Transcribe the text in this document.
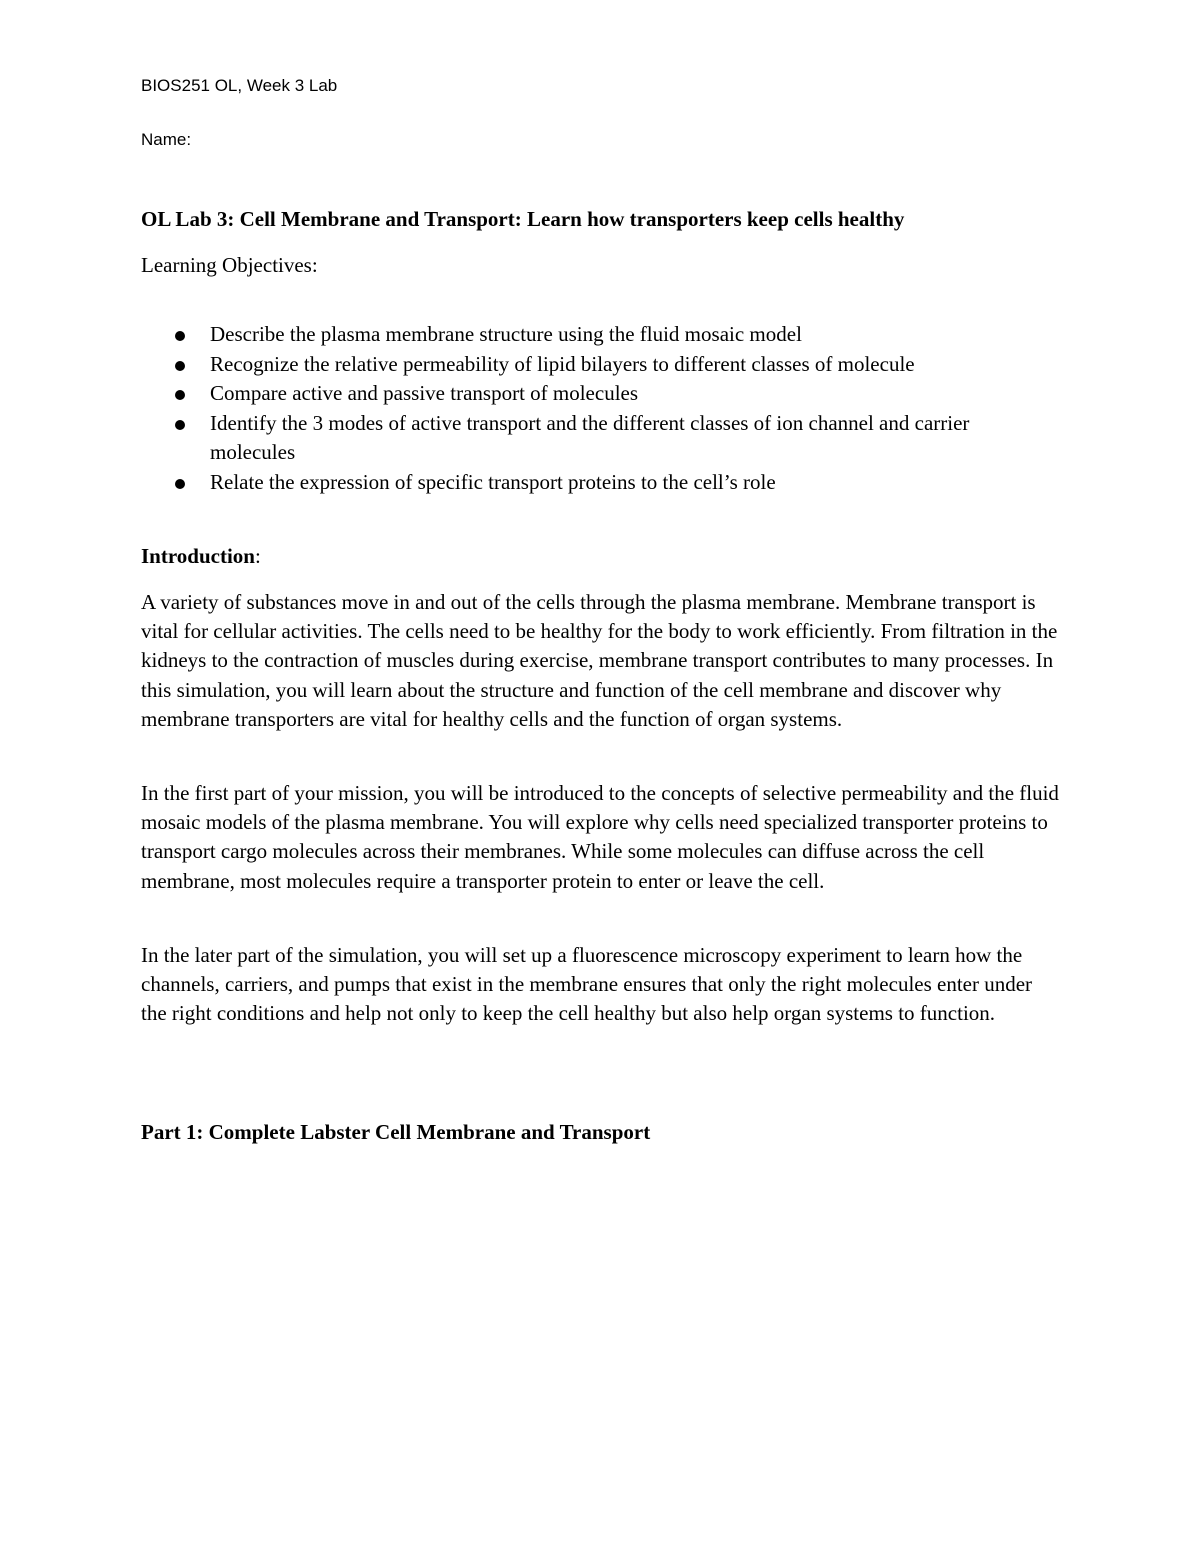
BIOS251 OL, Week 3 Lab
Name:
OL Lab 3: Cell Membrane and Transport: Learn how transporters keep cells healthy
Learning Objectives:
Describe the plasma membrane structure using the fluid mosaic model
Recognize the relative permeability of lipid bilayers to different classes of molecule
Compare active and passive transport of molecules
Identify the 3 modes of active transport and the different classes of ion channel and carrier molecules
Relate the expression of specific transport proteins to the cell’s role
Introduction:

A variety of substances move in and out of the cells through the plasma membrane. Membrane transport is vital for cellular activities. The cells need to be healthy for the body to work efficiently. From filtration in the kidneys to the contraction of muscles during exercise, membrane transport contributes to many processes. In this simulation, you will learn about the structure and function of the cell membrane and discover why membrane transporters are vital for healthy cells and the function of organ systems.

In the first part of your mission, you will be introduced to the concepts of selective permeability and the fluid mosaic models of the plasma membrane. You will explore why cells need specialized transporter proteins to transport cargo molecules across their membranes. While some molecules can diffuse across the cell membrane, most molecules require a transporter protein to enter or leave the cell.

In the later part of the simulation, you will set up a fluorescence microscopy experiment to learn how the channels, carriers, and pumps that exist in the membrane ensures that only the right molecules enter under the right conditions and help not only to keep the cell healthy but also help organ systems to function.

Part 1: Complete Labster Cell Membrane and Transport
